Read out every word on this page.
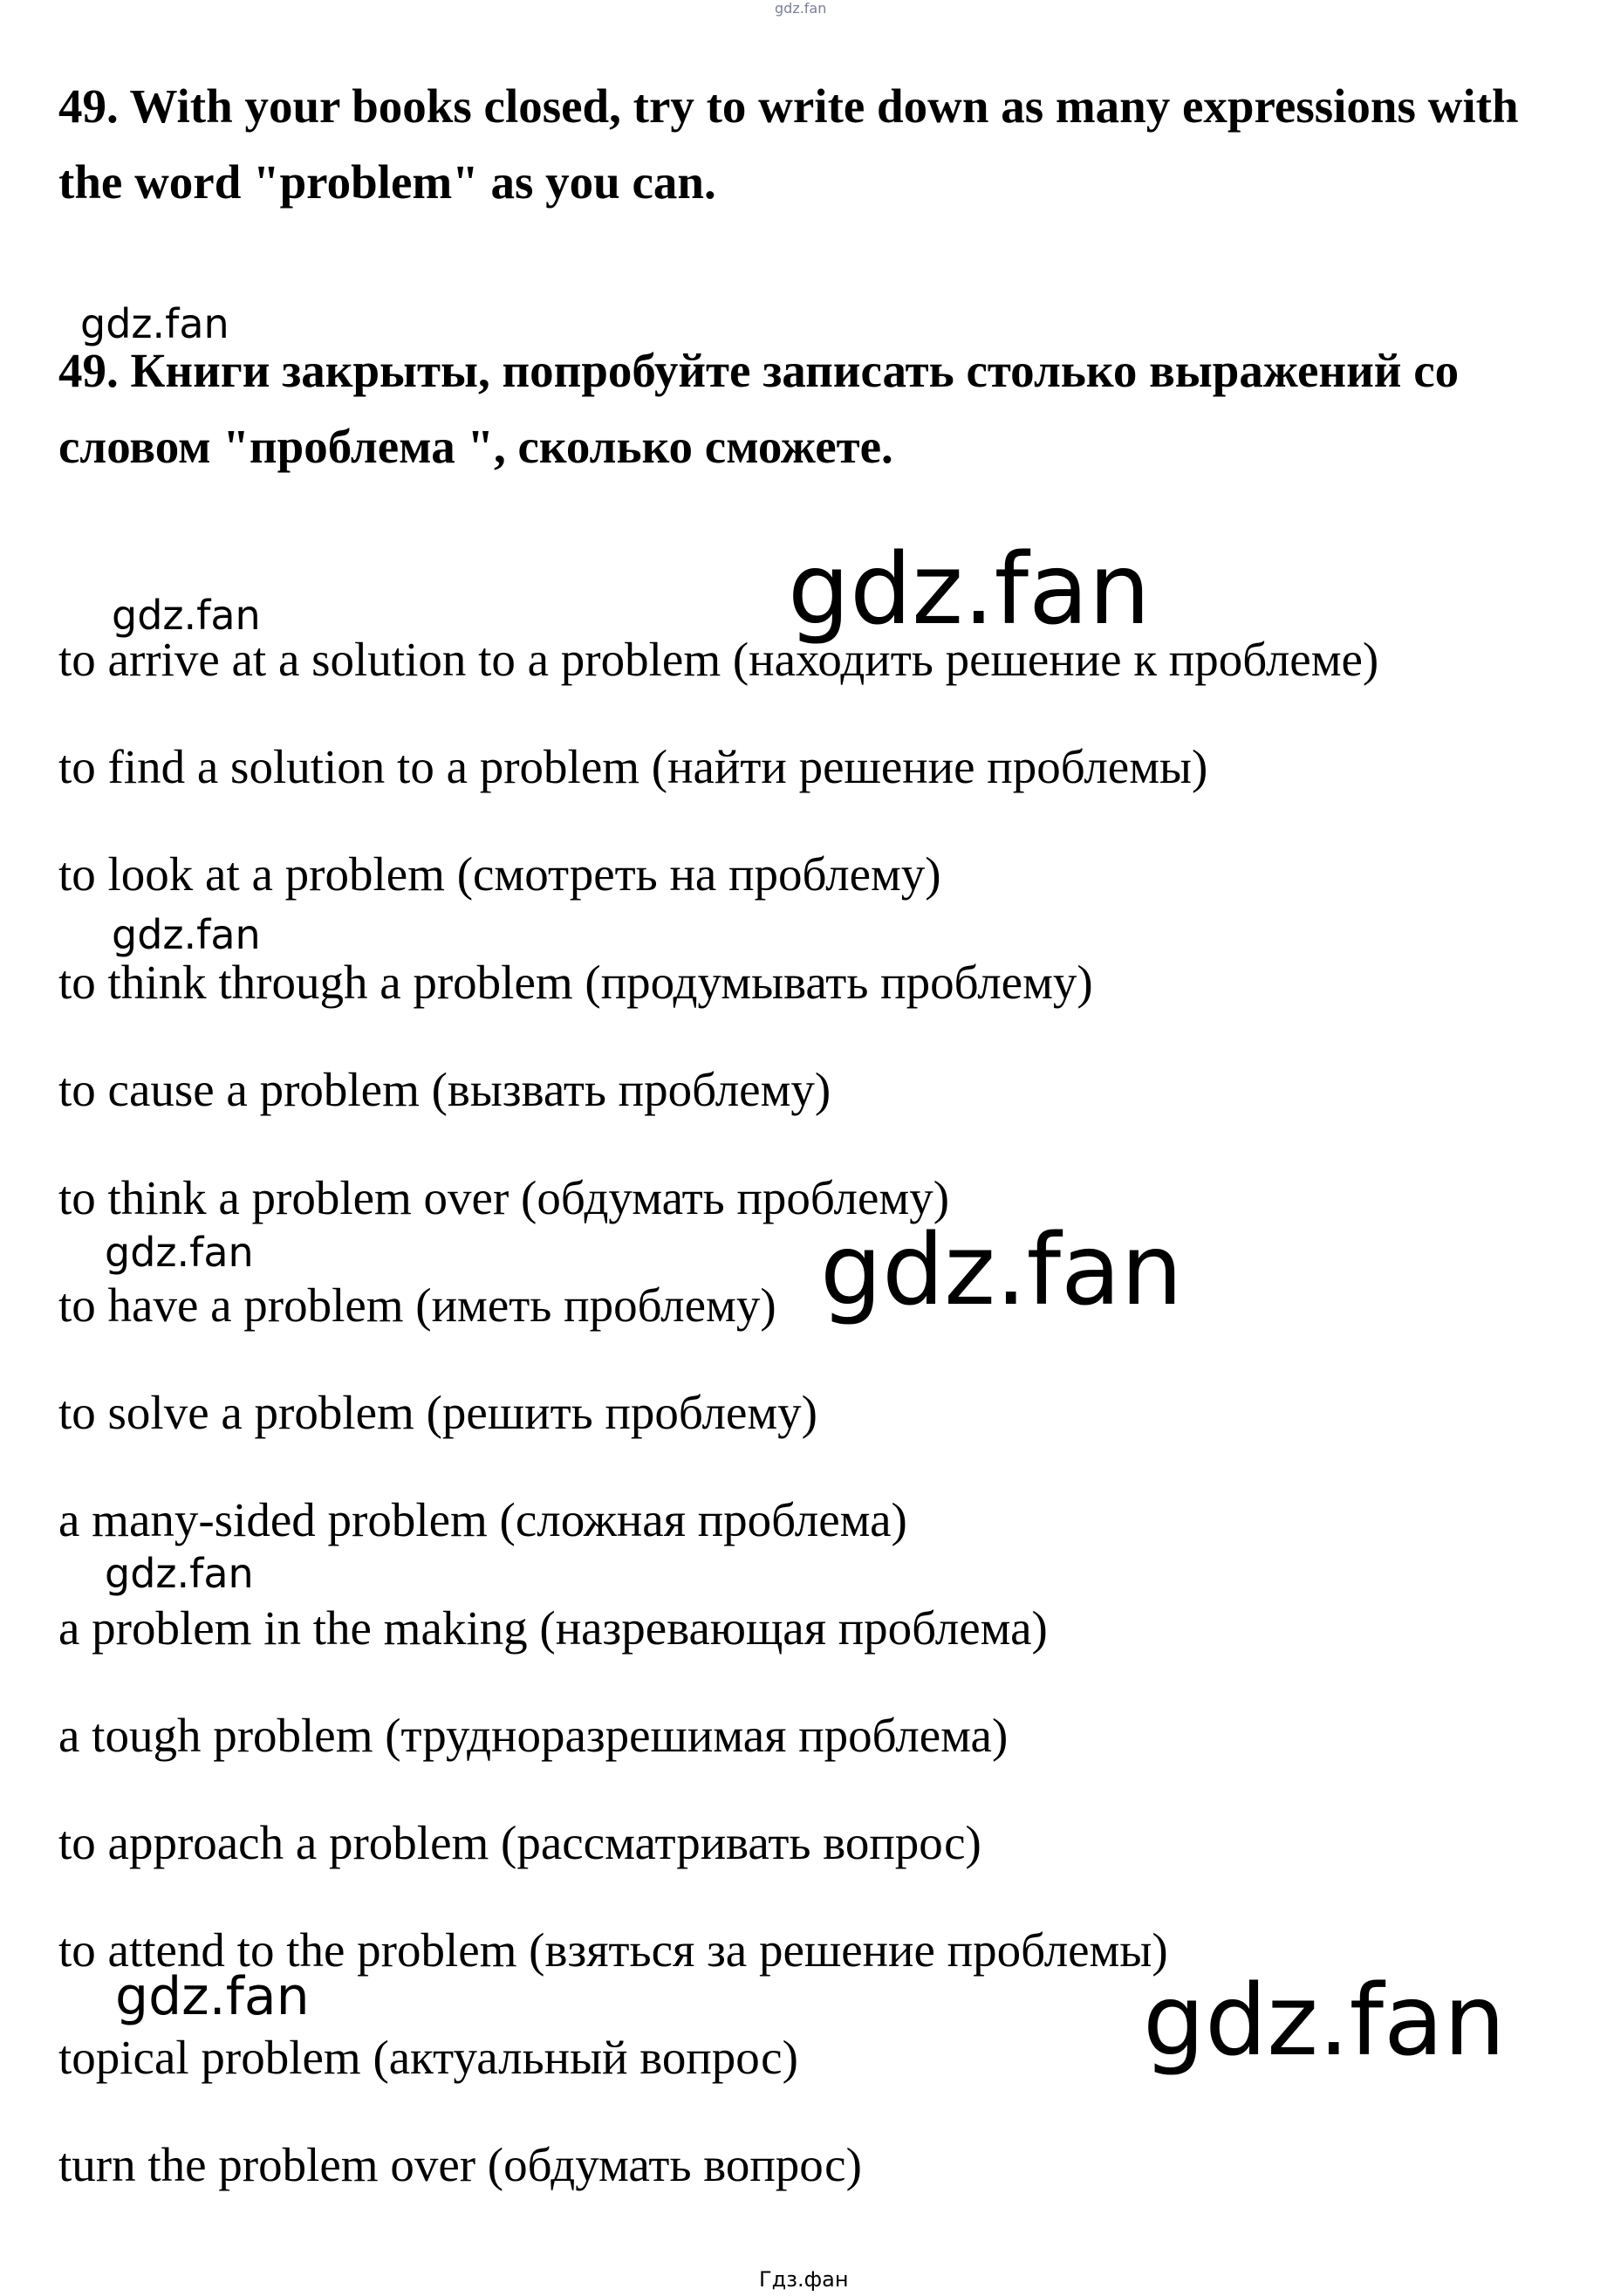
gdz.fan
49. With your books closed, try to write down as many expressions with the word "problem" as you can.
gdz.fan
49. Книги закрыты, попробуйте записать столько выражений со словом "проблема ", сколько сможете.
gdz.fan
gdz.fan

to arrive at a solution to a problem (находить решение к проблеме)

to find a solution to a problem (найти решение проблемы)

to look at a problem (смотреть на проблему)

to think through a problem (продумывать проблему)

to cause a problem (вызвать проблему)

to think a problem over (обдумать проблему)

to have a problem (иметь проблему)

to solve a problem (решить проблему)

a many-sided problem (сложная проблема)

a problem in the making (назревающая проблема)

a tough problem (трудноразрешимая проблема)

to approach a problem (рассматривать вопрос)

to attend to the problem (взяться за решение проблемы)

topical problem (актуальный вопрос)

turn the problem over (обдумать вопрос)

gdz.fan
gdz.fan	gdz.fan
gdz.fan
gdz.fan	gdz.fan
Гдз.фан
